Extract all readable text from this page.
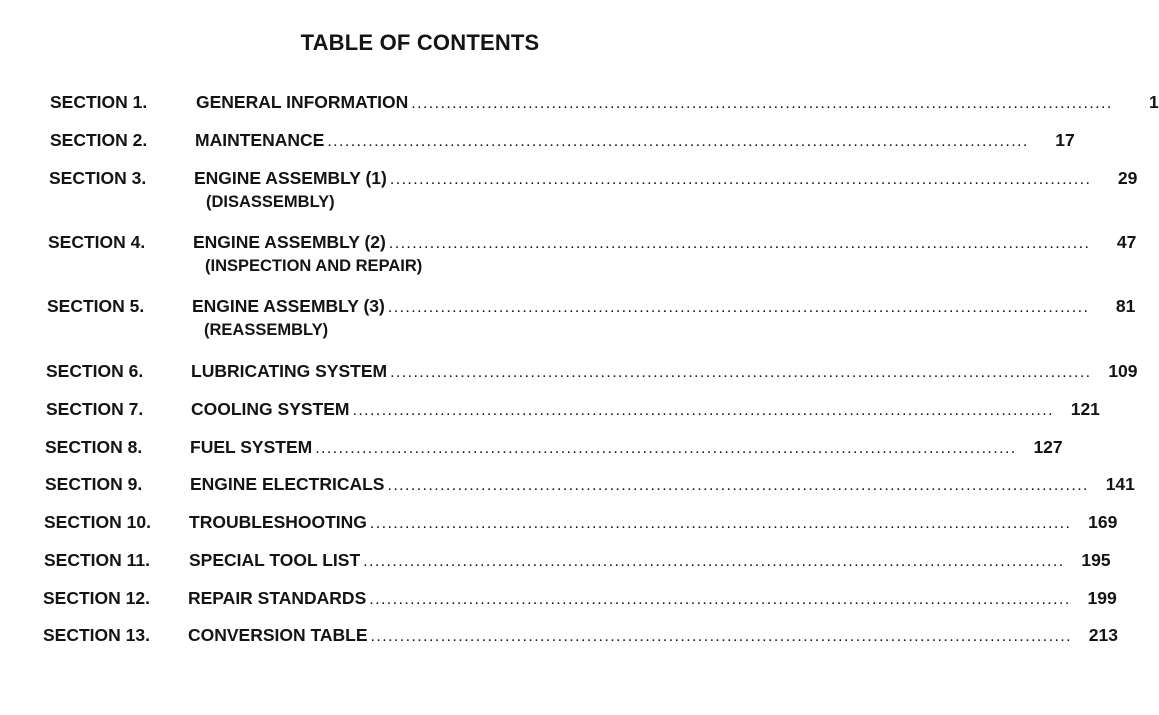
TABLE OF CONTENTS
SECTION 1.	GENERAL INFORMATION ........................................................................................................................	1
SECTION 2.	MAINTENANCE ........................................................................................................................	17
SECTION 3.	ENGINE ASSEMBLY (1) ........................................................................................................................	29
(DISASSEMBLY)
SECTION 4.	ENGINE ASSEMBLY (2) ........................................................................................................................	47
(INSPECTION AND REPAIR)
SECTION 5.	ENGINE ASSEMBLY (3) ........................................................................................................................	81
(REASSEMBLY)
SECTION 6.	LUBRICATING SYSTEM ........................................................................................................................ 109
SECTION 7.	COOLING SYSTEM ........................................................................................................................ 121
SECTION 8.	FUEL SYSTEM ........................................................................................................................ 127
SECTION 9.	ENGINE ELECTRICALS ........................................................................................................................ 141
SECTION 10. TROUBLESHOOTING ........................................................................................................................ 169
SECTION 11. SPECIAL TOOL LIST ........................................................................................................................ 195
SECTION 12. REPAIR STANDARDS ........................................................................................................................ 199
SECTION 13. CONVERSION TABLE ........................................................................................................................ 213
